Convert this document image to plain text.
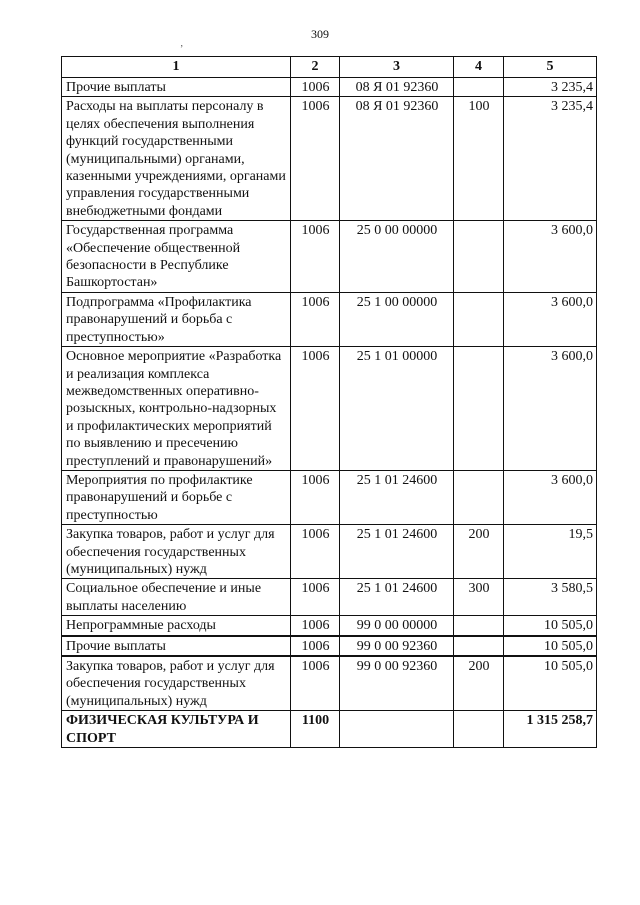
309
‚
1	2	3	4	5
Прочие выплаты	1006	08 Я 01 92360		3 235,4
Расходы на выплаты персоналу в целях обеспечения выполнения функций государственными (муниципальными) органами, казенными учреждениями, органами управления государственными внебюджетными фондами	1006	08 Я 01 92360	100	3 235,4
Государственная программа «Обеспечение общественной безопасности в Республике Башкортостан»	1006	25 0 00 00000		3 600,0
Подпрограмма «Профилактика правонарушений и борьба с преступностью»	1006	25 1 00 00000		3 600,0
Основное мероприятие «Разработка и реализация комплекса межведомственных оперативно-розыскных, контрольно-надзорных и профилактических мероприятий по выявлению и пресечению преступлений и правонарушений»	1006	25 1 01 00000		3 600,0
Мероприятия по профилактике правонарушений и борьбе с преступностью	1006	25 1 01 24600		3 600,0
Закупка товаров, работ и услуг для обеспечения государственных (муниципальных) нужд	1006	25 1 01 24600	200	19,5
Социальное обеспечение и иные выплаты населению	1006	25 1 01 24600	300	3 580,5
Непрограммные расходы	1006	99 0 00 00000		10 505,0
Прочие выплаты	1006	99 0 00 92360		10 505,0
Закупка товаров, работ и услуг для обеспечения государственных (муниципальных) нужд	1006	99 0 00 92360	200	10 505,0
ФИЗИЧЕСКАЯ КУЛЬТУРА И СПОРТ	1100			1 315 258,7
